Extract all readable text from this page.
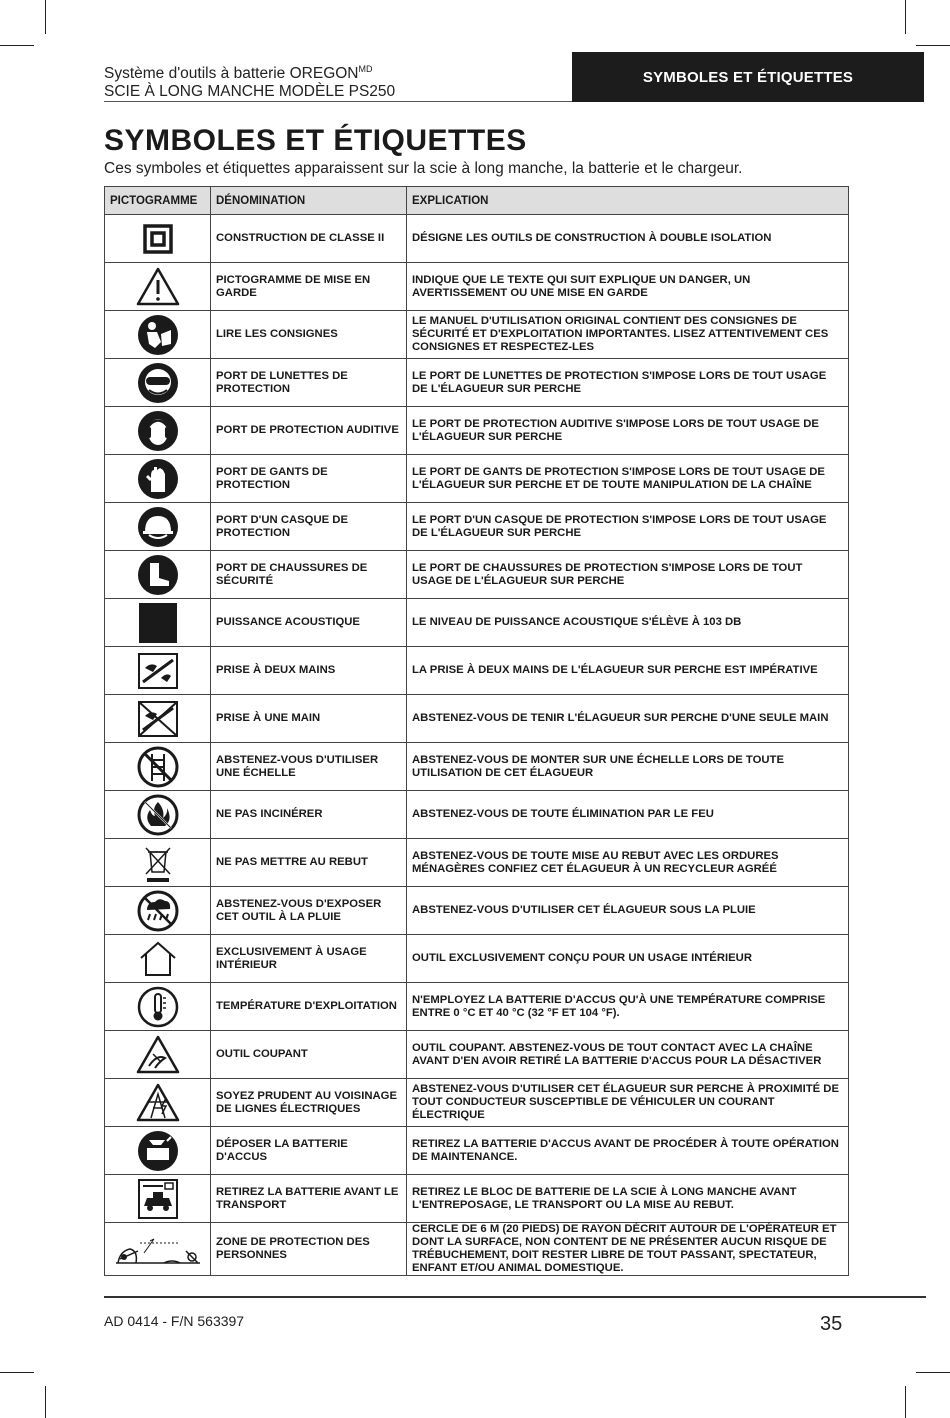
Système d'outils à batterie $OREGON^{MD}$
SCIE À LONG MANCHE MODÈLE PS250
SYMBOLES ET ÉTIQUETTES
SYMBOLES ET ÉTIQUETTES

Ces symboles et étiquettes apparaissent sur la scie à long manche, la batterie et le chargeur.

PICTOGRAMME	DÉNOMINATION	EXPLICATION

	CONSTRUCTION DE CLASSE II	DÉSIGNE LES OUTILS DE CONSTRUCTION À DOUBLE ISOLATION

	PICTOGRAMME DE MISE EN GARDE	INDIQUE QUE LE TEXTE QUI SUIT EXPLIQUE UN DANGER, UN AVERTISSEMENT OU UNE MISE EN GARDE

	LIRE LES CONSIGNES	LE MANUEL D'UTILISATION ORIGINAL CONTIENT DES CONSIGNES DE SÉCURITÉ ET D'EXPLOITATION IMPORTANTES. LISEZ ATTENTIVEMENT CES CONSIGNES ET RESPECTEZ-LES

	PORT DE LUNETTES DE PROTECTION	LE PORT DE LUNETTES DE PROTECTION S'IMPOSE LORS DE TOUT USAGE DE L'ÉLAGUEUR SUR PERCHE

	PORT DE PROTECTION AUDITIVE	LE PORT DE PROTECTION AUDITIVE S'IMPOSE LORS DE TOUT USAGE DE L'ÉLAGUEUR SUR PERCHE

	PORT DE GANTS DE PROTECTION	LE PORT DE GANTS DE PROTECTION S'IMPOSE LORS DE TOUT USAGE DE L'ÉLAGUEUR SUR PERCHE ET DE TOUTE MANIPULATION DE LA CHAÎNE

	PORT D'UN CASQUE DE PROTECTION	LE PORT D'UN CASQUE DE PROTECTION S'IMPOSE LORS DE TOUT USAGE DE L'ÉLAGUEUR SUR PERCHE

	PORT DE CHAUSSURES DE SÉCURITÉ	LE PORT DE CHAUSSURES DE PROTECTION S'IMPOSE LORS DE TOUT USAGE DE L'ÉLAGUEUR SUR PERCHE

	PUISSANCE ACOUSTIQUE	LE NIVEAU DE PUISSANCE ACOUSTIQUE S'ÉLÈVE À 103 DB

	PRISE À DEUX MAINS	LA PRISE À DEUX MAINS DE L'ÉLAGUEUR SUR PERCHE EST IMPÉRATIVE

	PRISE À UNE MAIN	ABSTENEZ-VOUS DE TENIR L'ÉLAGUEUR SUR PERCHE D'UNE SEULE MAIN

	ABSTENEZ-VOUS D'UTILISER UNE ÉCHELLE	ABSTENEZ-VOUS DE MONTER SUR UNE ÉCHELLE LORS DE TOUTE UTILISATION DE CET ÉLAGUEUR

	NE PAS INCINÉRER	ABSTENEZ-VOUS DE TOUTE ÉLIMINATION PAR LE FEU

	NE PAS METTRE AU REBUT	ABSTENEZ-VOUS DE TOUTE MISE AU REBUT AVEC LES ORDURES MÉNAGÈRES CONFIEZ CET ÉLAGUEUR À UN RECYCLEUR AGRÉÉ

	ABSTENEZ-VOUS D'EXPOSER CET OUTIL À LA PLUIE	ABSTENEZ-VOUS D'UTILISER CET ÉLAGUEUR SOUS LA PLUIE

	EXCLUSIVEMENT À USAGE INTÉRIEUR	OUTIL EXCLUSIVEMENT CONÇU POUR UN USAGE INTÉRIEUR

	TEMPÉRATURE D'EXPLOITATION	N'EMPLOYEZ LA BATTERIE D'ACCUS QU'À UNE TEMPÉRATURE COMPRISE ENTRE 0 °C ET 40 °C (32 °F ET 104 °F).

	OUTIL COUPANT	OUTIL COUPANT. ABSTENEZ-VOUS DE TOUT CONTACT AVEC LA CHAÎNE AVANT D'EN AVOIR RETIRÉ LA BATTERIE D'ACCUS POUR LA DÉSACTIVER

	SOYEZ PRUDENT AU VOISINAGE DE LIGNES ÉLECTRIQUES	ABSTENEZ-VOUS D'UTILISER CET ÉLAGUEUR SUR PERCHE À PROXIMITÉ DE TOUT CONDUCTEUR SUSCEPTIBLE DE VÉHICULER UN COURANT ÉLECTRIQUE

	DÉPOSER LA BATTERIE D'ACCUS	RETIREZ LA BATTERIE D'ACCUS AVANT DE PROCÉDER À TOUTE OPÉRATION DE MAINTENANCE.

	RETIREZ LA BATTERIE AVANT LE TRANSPORT	RETIREZ LE BLOC DE BATTERIE DE LA SCIE À LONG MANCHE AVANT L'ENTREPOSAGE, LE TRANSPORT OU LA MISE AU REBUT.

	ZONE DE PROTECTION DES PERSONNES	CERCLE DE 6 M (20 PIEDS) DE RAYON DÉCRIT AUTOUR DE L'OPÉRATEUR ET DONT LA SURFACE, NON CONTENT DE NE PRÉSENTER AUCUN RISQUE DE TRÉBUCHEMENT, DOIT RESTER LIBRE DE TOUT PASSANT, SPECTATEUR, ENFANT ET/OU ANIMAL DOMESTIQUE.
AD 0414 - F/N 563397	35
